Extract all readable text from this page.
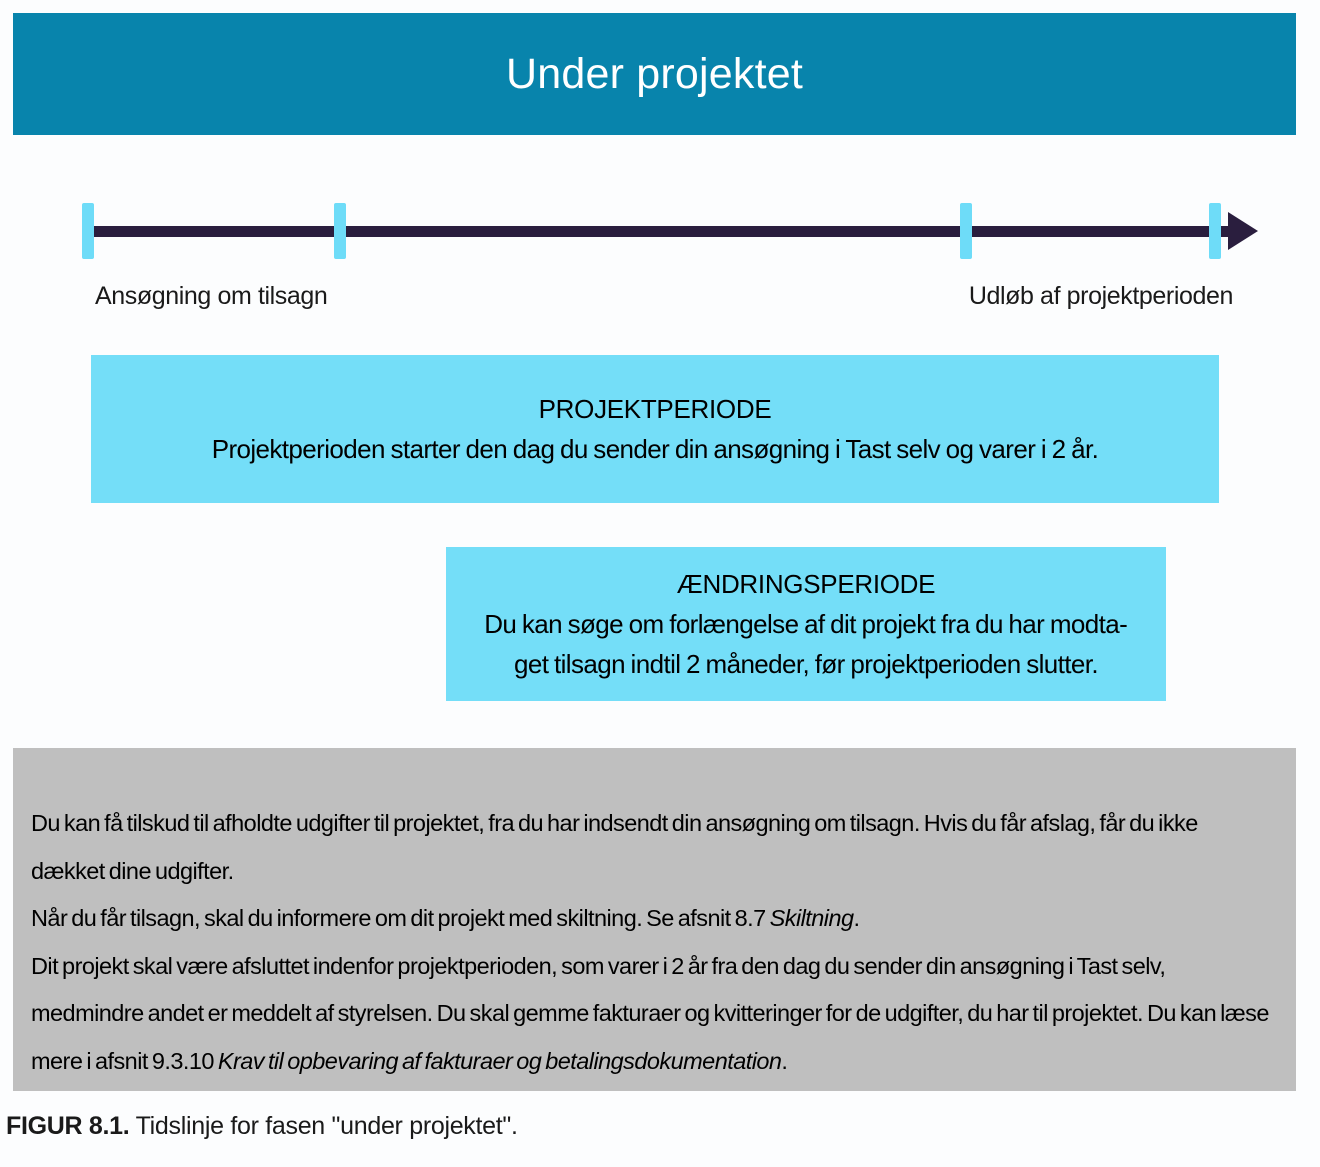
Under projektet
Ansøgning om tilsagn	Udløb af projektperioden
PROJEKTPERIODE
Projektperioden starter den dag du sender din ansøgning i Tast selv og varer i 2 år.
ÆNDRINGSPERIODE
Du kan søge om forlængelse af dit projekt fra du har modtaget tilsagn indtil 2 måneder, før projektperioden slutter.

Du kan få tilskud til afholdte udgifter til projektet, fra du har indsendt din ansøgning om tilsagn. Hvis du får afslag, får du ikke dækket dine udgifter.

Når du får tilsagn, skal du informere om dit projekt med skiltning. Se afsnit 8.7 Skiltning.

Dit projekt skal være afsluttet indenfor projektperioden, som varer i 2 år fra den dag du sender din ansøgning i Tast selv, medmindre andet er meddelt af styrelsen. Du skal gemme fakturaer og kvitteringer for de udgifter, du har til projektet. Du kan læse mere i afsnit 9.3.10 Krav til opbevaring af fakturaer og betalingsdokumentation.

FIGUR 8.1. Tidslinje for fasen "under projektet".
